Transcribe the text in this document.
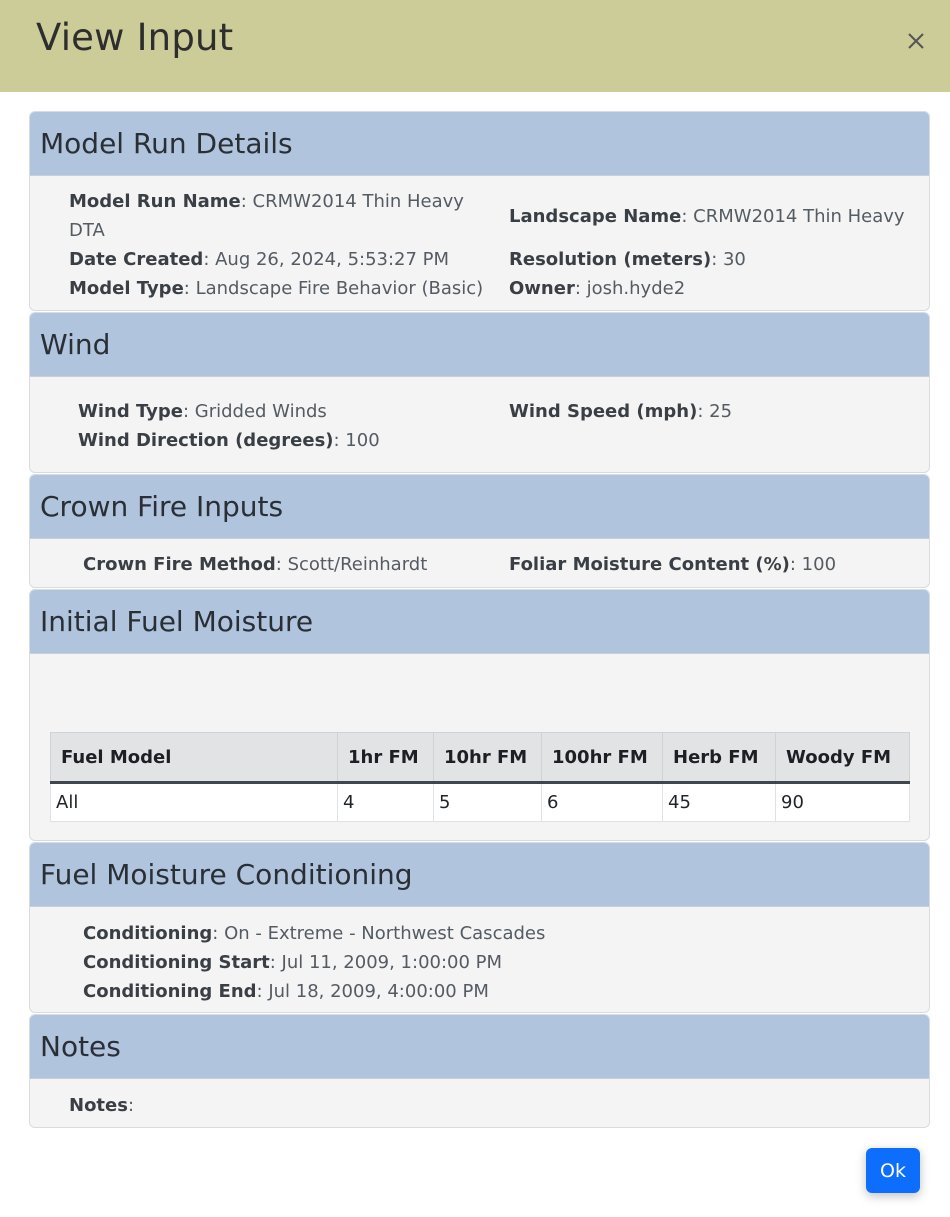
View Input
Model Run Details
Model Run Name: CRMW2014 Thin Heavy
DTA
Date Created: Aug 26, 2024, 5:53:27 PM
Model Type: Landscape Fire Behavior (Basic)
Landscape Name: CRMW2014 Thin Heavy
Resolution (meters): 30
Owner: josh.hyde2
Wind
Wind Type: Gridded Winds
Wind Direction (degrees): 100
Wind Speed (mph): 25
Crown Fire Inputs
Crown Fire Method: Scott/Reinhardt	Foliar Moisture Content (%): 100
Initial Fuel Moisture
Fuel Model	1hr FM	10hr FM	100hr FM	Herb FM	Woody FM
All	4	5	6	45	90
Fuel Moisture Conditioning
Conditioning: On - Extreme - Northwest Cascades
Conditioning Start: Jul 11, 2009, 1:00:00 PM
Conditioning End: Jul 18, 2009, 4:00:00 PM
Notes
Notes:
Ok
